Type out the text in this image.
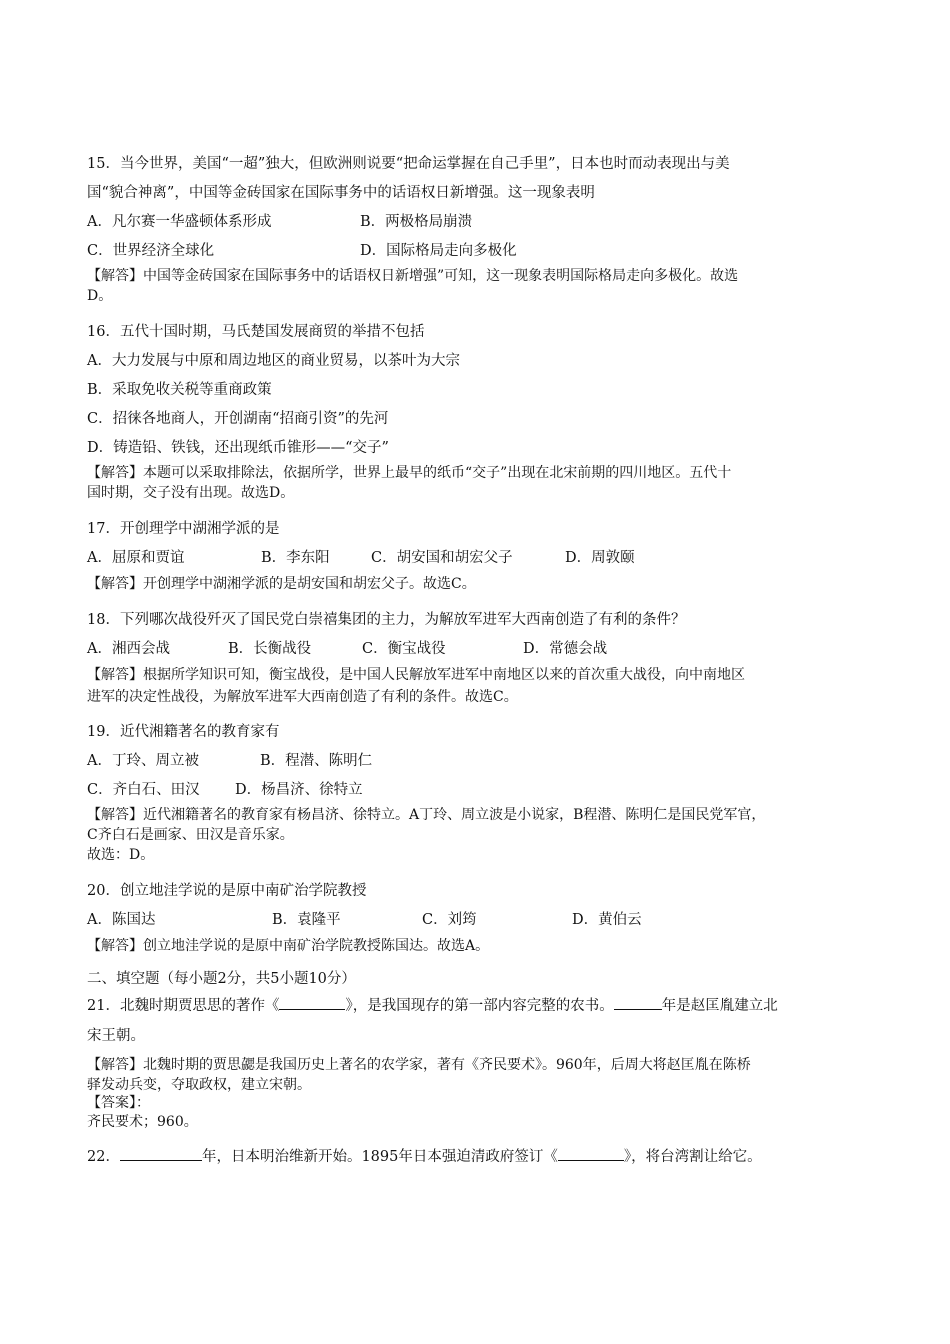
15．当今世界，美国“一超”独大，但欧洲则说要“把命运掌握在自己手里”，日本也时而动表现出与美
国“貌合神离”，中国等金砖国家在国际事务中的话语权日新增强。这一现象表明
A．凡尔赛一华盛顿体系形成	B．两极格局崩溃
C．世界经济全球化	D．国际格局走向多极化
【解答】中国等金砖国家在国际事务中的话语权日新增强”可知，这一现象表明国际格局走向多极化。故选
D。
16．五代十国时期，马氏楚国发展商贸的举措不包括
A．大力发展与中原和周边地区的商业贸易，以茶叶为大宗
B．采取免收关税等重商政策
C．招徕各地商人，开创湖南“招商引资”的先河
D．铸造铅、铁钱，还出现纸币锥形——“交子”
【解答】本题可以采取排除法，依据所学，世界上最早的纸币“交子”出现在北宋前期的四川地区。五代十
国时期，交子没有出现。故选D。
17．开创理学中湖湘学派的是
A．屈原和贾谊	B．李东阳	C．胡安国和胡宏父子	D．周敦颐
【解答】开创理学中湖湘学派的是胡安国和胡宏父子。故选C。
18．下列哪次战役歼灭了国民党白崇禧集团的主力，为解放军进军大西南创造了有利的条件？
A．湘西会战	B．长衡战役	C．衡宝战役	D．常德会战
【解答】根据所学知识可知，衡宝战役，是中国人民解放军进军中南地区以来的首次重大战役，向中南地区
进军的决定性战役，为解放军进军大西南创造了有利的条件。故选C。
19．近代湘籍著名的教育家有
A．丁玲、周立被	B．程潜、陈明仁
C．齐白石、田汉	D．杨昌济、徐特立
【解答】近代湘籍著名的教育家有杨昌济、徐特立。A丁玲、周立波是小说家，B程潜、陈明仁是国民党军官，
C齐白石是画家、田汉是音乐家。
故选：D。
20．创立地洼学说的是原中南矿治学院教授
A．陈国达	B．袁隆平	C．刘筠	D．黄伯云
【解答】创立地洼学说的是原中南矿治学院教授陈国达。故选A。
二、填空题（每小题2分，共5小题10分）
21．北魏时期贾思思的著作《	》，是我国现存的第一部内容完整的农书。	年是赵匡胤建立北
宋王朝。
【解答】北魏时期的贾思勰是我国历史上著名的农学家，著有《齐民要术》。960年，后周大将赵匡胤在陈桥
驿发动兵变，夺取政权，建立宋朝。
【答案】：
齐民要术；960。
22．	年，日本明治维新开始。1895年日本强迫清政府签订《	》，将台湾割让给它。
